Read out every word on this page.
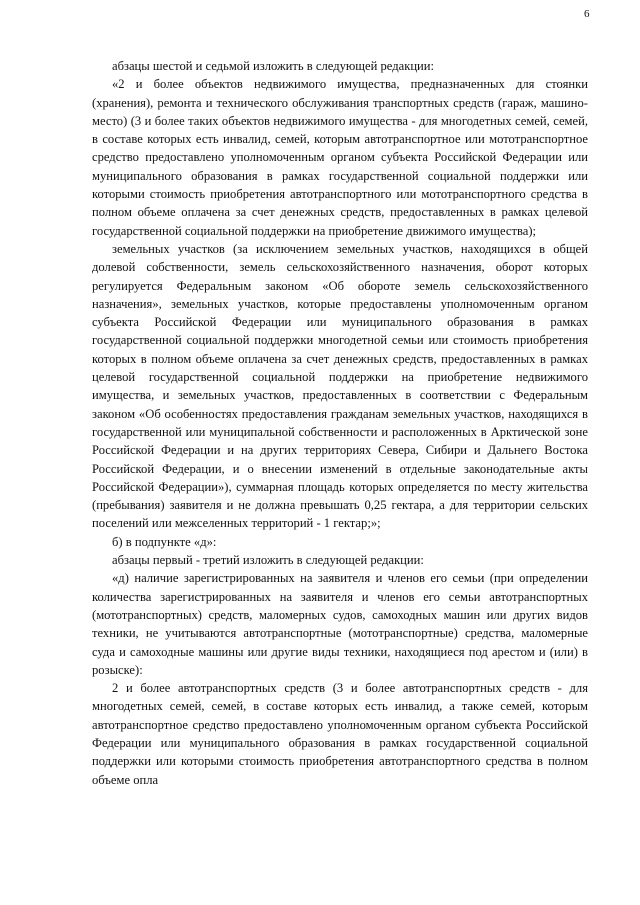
6

абзацы шестой и седьмой изложить в следующей редакции:

«2 и более объектов недвижимого имущества, предназначенных для стоянки (хранения), ремонта и технического обслуживания транспортных средств (гараж, машино-место) (3 и более таких объектов недвижимого имущества - для многодетных семей, семей, в составе которых есть инвалид, семей, которым автотранспортное или мототранспортное средство предоставлено уполномоченным органом субъекта Российской Федерации или муниципального образования в рамках государственной социальной поддержки или которыми стоимость приобретения автотранспортного или мототранспортного средства в полном объеме оплачена за счет денежных средств, предоставленных в рамках целевой государственной социальной поддержки на приобретение движимого имущества);

земельных участков (за исключением земельных участков, находящихся в общей долевой собственности, земель сельскохозяйственного назначения, оборот которых регулируется Федеральным законом «Об обороте земель сельскохозяйственного назначения», земельных участков, которые предоставлены уполномоченным органом субъекта Российской Федерации или муниципального образования в рамках государственной социальной поддержки многодетной семьи или стоимость приобретения которых в полном объеме оплачена за счет денежных средств, предоставленных в рамках целевой государственной социальной поддержки на приобретение недвижимого имущества, и земельных участков, предоставленных в соответствии с Федеральным законом «Об особенностях предоставления гражданам земельных участков, находящихся в государственной или муниципальной собственности и расположенных в Арктической зоне Российской Федерации и на других территориях Севера, Сибири и Дальнего Востока Российской Федерации, и о внесении изменений в отдельные законодательные акты Российской Федерации»), суммарная площадь которых определяется по месту жительства (пребывания) заявителя и не должна превышать 0,25 гектара, а для территории сельских поселений или межселенных территорий - 1 гектар;»;

б) в подпункте «д»:

абзацы первый - третий изложить в следующей редакции:

«д) наличие зарегистрированных на заявителя и членов его семьи (при определении количества зарегистрированных на заявителя и членов его семьи автотранспортных (мототранспортных) средств, маломерных судов, самоходных машин или других видов техники, не учитываются автотранспортные (мототранспортные) средства, маломерные суда и самоходные машины или другие виды техники, находящиеся под арестом и (или) в розыске):

2 и более автотранспортных средств (3 и более автотранспортных средств - для многодетных семей, семей, в составе которых есть инвалид, а также семей, которым автотранспортное средство предоставлено уполномоченным органом субъекта Российской Федерации или муниципального образования в рамках государственной социальной поддержки или которыми стоимость приобретения автотранспортного средства в полном объеме опла
